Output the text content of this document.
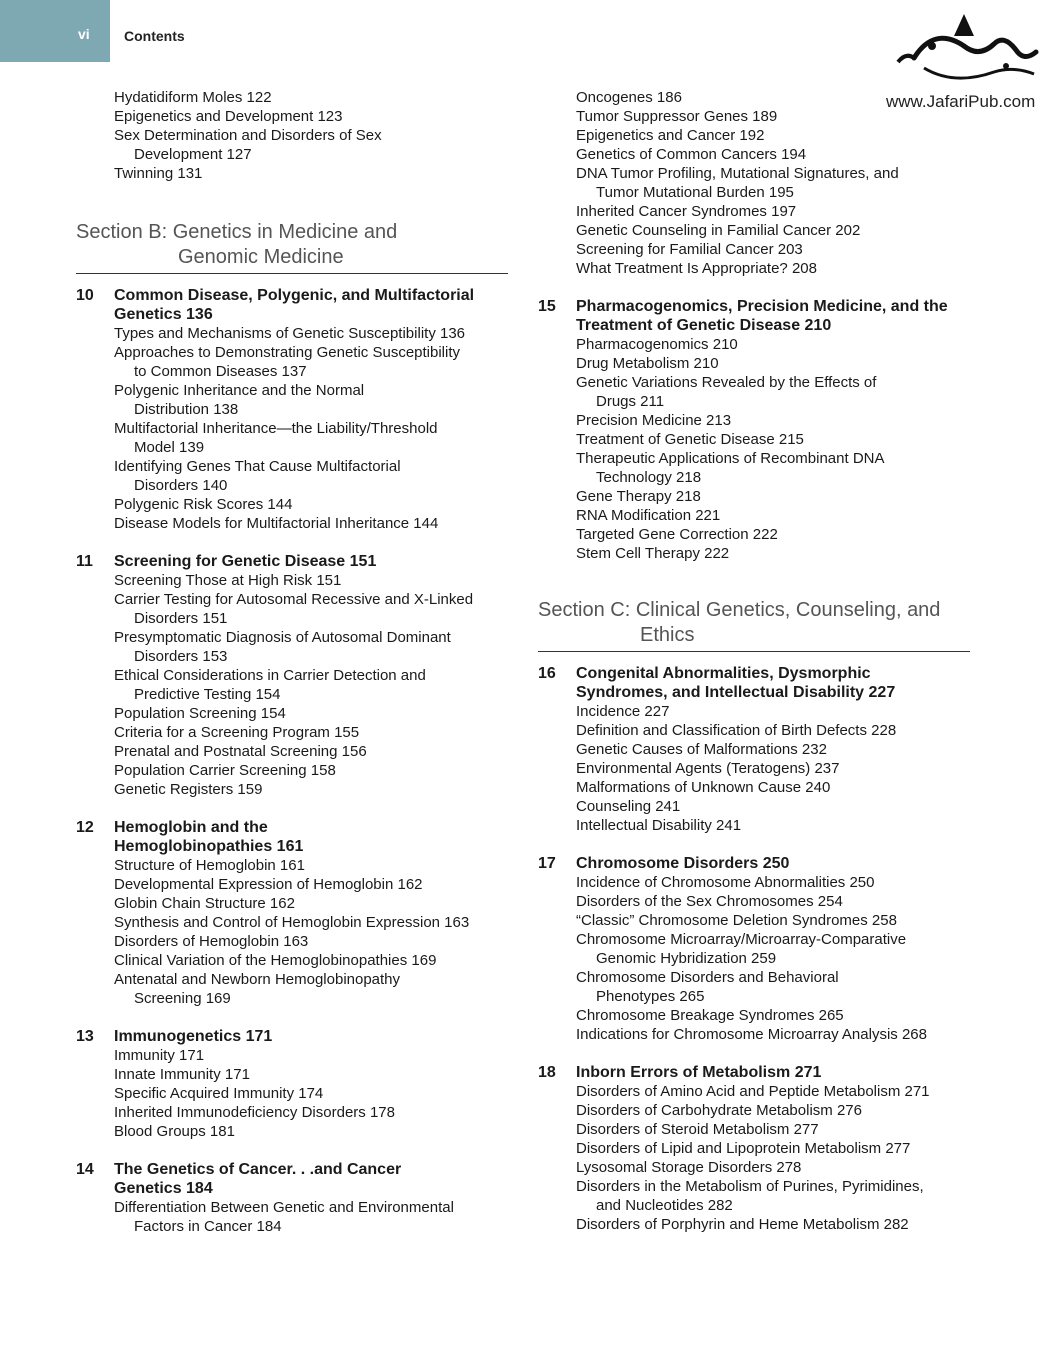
vi Contents
www.JafariPub.com
Hydatidiform Moles 122
Epigenetics and Development 123
Sex Determination and Disorders of Sex
Development 127
Twinning 131
Section B: Genetics in Medicine and
Genomic Medicine
10	Common Disease, Polygenic, and Multifactorial Genetics 136
Types and Mechanisms of Genetic Susceptibility 136
Approaches to Demonstrating Genetic Susceptibility
to Common Diseases 137
Polygenic Inheritance and the Normal
Distribution 138
Multifactorial Inheritance—the Liability/Threshold
Model 139
Identifying Genes That Cause Multifactorial
Disorders 140
Polygenic Risk Scores 144
Disease Models for Multifactorial Inheritance 144
11	Screening for Genetic Disease 151
Screening Those at High Risk 151
Carrier Testing for Autosomal Recessive and X-Linked
Disorders 151
Presymptomatic Diagnosis of Autosomal Dominant
Disorders 153
Ethical Considerations in Carrier Detection and
Predictive Testing 154
Population Screening 154
Criteria for a Screening Program 155
Prenatal and Postnatal Screening 156
Population Carrier Screening 158
Genetic Registers 159
12	Hemoglobin and the Hemoglobinopathies 161
Structure of Hemoglobin 161
Developmental Expression of Hemoglobin 162
Globin Chain Structure 162
Synthesis and Control of Hemoglobin Expression 163
Disorders of Hemoglobin 163
Clinical Variation of the Hemoglobinopathies 169
Antenatal and Newborn Hemoglobinopathy
Screening 169
13	Immunogenetics 171
Immunity 171
Innate Immunity 171
Specific Acquired Immunity 174
Inherited Immunodeficiency Disorders 178
Blood Groups 181
14	The Genetics of Cancer. . .and Cancer Genetics 184
Differentiation Between Genetic and Environmental
Factors in Cancer 184
Oncogenes 186
Tumor Suppressor Genes 189
Epigenetics and Cancer 192
Genetics of Common Cancers 194
DNA Tumor Profiling, Mutational Signatures, and
Tumor Mutational Burden 195
Inherited Cancer Syndromes 197
Genetic Counseling in Familial Cancer 202
Screening for Familial Cancer 203
What Treatment Is Appropriate? 208
15	Pharmacogenomics, Precision Medicine, and the Treatment of Genetic Disease 210
Pharmacogenomics 210
Drug Metabolism 210
Genetic Variations Revealed by the Effects of
Drugs 211
Precision Medicine 213
Treatment of Genetic Disease 215
Therapeutic Applications of Recombinant DNA
Technology 218
Gene Therapy 218
RNA Modification 221
Targeted Gene Correction 222
Stem Cell Therapy 222
Section C: Clinical Genetics, Counseling, and
Ethics
16	Congenital Abnormalities, Dysmorphic Syndromes, and Intellectual Disability 227
Incidence 227
Definition and Classification of Birth Defects 228
Genetic Causes of Malformations 232
Environmental Agents (Teratogens) 237
Malformations of Unknown Cause 240
Counseling 241
Intellectual Disability 241
17	Chromosome Disorders 250
Incidence of Chromosome Abnormalities 250
Disorders of the Sex Chromosomes 254
“Classic” Chromosome Deletion Syndromes 258
Chromosome Microarray/Microarray-Comparative
Genomic Hybridization 259
Chromosome Disorders and Behavioral
Phenotypes 265
Chromosome Breakage Syndromes 265
Indications for Chromosome Microarray Analysis 268
18	Inborn Errors of Metabolism 271
Disorders of Amino Acid and Peptide Metabolism 271
Disorders of Carbohydrate Metabolism 276
Disorders of Steroid Metabolism 277
Disorders of Lipid and Lipoprotein Metabolism 277
Lysosomal Storage Disorders 278
Disorders in the Metabolism of Purines, Pyrimidines,
and Nucleotides 282
Disorders of Porphyrin and Heme Metabolism 282
